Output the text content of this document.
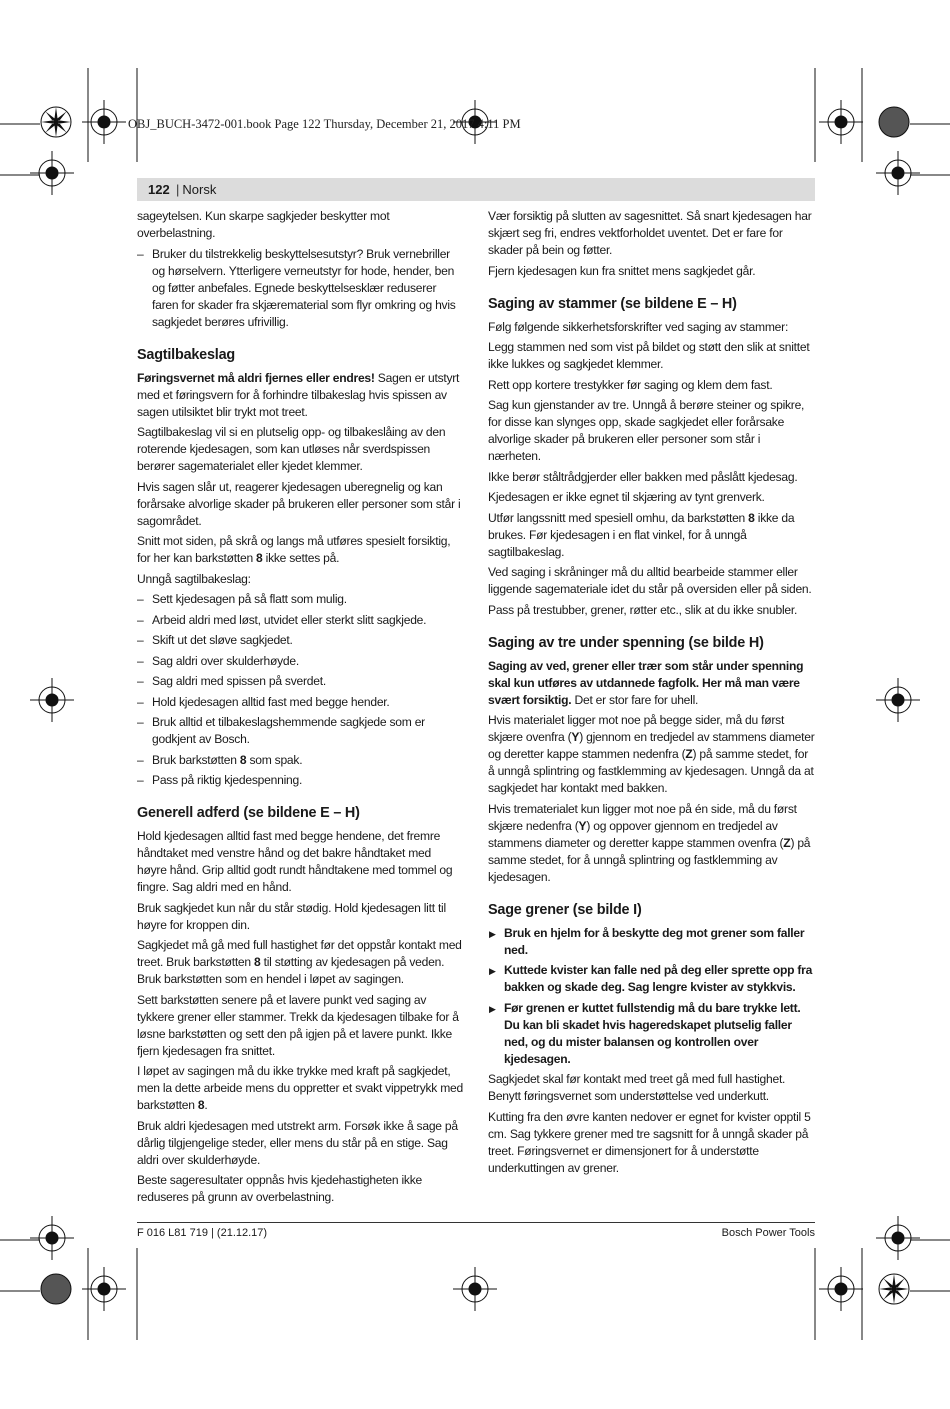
OBJ_BUCH-3472-001.book Page 122 Thursday, December 21, 2017 4:11 PM
122
| Norsk

sageytelsen. Kun skarpe sagkjeder beskytter mot overbelastning.

– Bruker du tilstrekkelig beskyttelsesutstyr? Bruk vernebriller og hørselvern. Ytterligere verneutstyr for hode, hender, ben og føtter anbefales. Egnede beskyttelsesklær reduserer faren for skader fra skjærematerial som flyr omkring og hvis sagkjedet berøres ufrivillig.
Sagtilbakeslag

Føringsvernet må aldri fjernes eller endres! Sagen er utstyrt med et føringsvern for å forhindre tilbakeslag hvis spissen av sagen utilsiktet blir trykt mot treet.

Sagtilbakeslag vil si en plutselig opp- og tilbakeslåing av den roterende kjedesagen, som kan utløses når sverdspissen berører sagematerialet eller kjedet klemmer.

Hvis sagen slår ut, reagerer kjedesagen uberegnelig og kan forårsake alvorlige skader på brukeren eller personer som står i sagområdet.

Snitt mot siden, på skrå og langs må utføres spesielt forsiktig, for her kan barkstøtten 8 ikke settes på.

Unngå sagtilbakeslag:

– Sett kjedesagen på så flatt som mulig.
– Arbeid aldri med løst, utvidet eller sterkt slitt sagkjede.
– Skift ut det sløve sagkjedet.
– Sag aldri over skulderhøyde.
– Sag aldri med spissen på sverdet.
– Hold kjedesagen alltid fast med begge hender.
– Bruk alltid et tilbakeslagshemmende sagkjede som er godkjent av Bosch.
– Bruk barkstøtten 8 som spak.
– Pass på riktig kjedespenning.
Generell adferd (se bildene E – H)

Hold kjedesagen alltid fast med begge hendene, det fremre håndtaket med venstre hånd og det bakre håndtaket med høyre hånd. Grip alltid godt rundt håndtakene med tommel og fingre. Sag aldri med en hånd.

Bruk sagkjedet kun når du står stødig. Hold kjedesagen litt til høyre for kroppen din.

Sagkjedet må gå med full hastighet før det oppstår kontakt med treet. Bruk barkstøtten 8 til støtting av kjedesagen på veden. Bruk barkstøtten som en hendel i løpet av sagingen.

Sett barkstøtten senere på et lavere punkt ved saging av tykkere grener eller stammer. Trekk da kjedesagen tilbake for å løsne barkstøtten og sett den på igjen på et lavere punkt. Ikke fjern kjedesagen fra snittet.

I løpet av sagingen må du ikke trykke med kraft på sagkjedet, men la dette arbeide mens du oppretter et svakt vippetrykk med barkstøtten 8.

Bruk aldri kjedesagen med utstrekt arm. Forsøk ikke å sage på dårlig tilgjengelige steder, eller mens du står på en stige. Sag aldri over skulderhøyde.

Beste sageresultater oppnås hvis kjedehastigheten ikke reduseres på grunn av overbelastning.

Vær forsiktig på slutten av sagesnittet. Så snart kjedesagen har skjært seg fri, endres vektforholdet uventet. Det er fare for skader på bein og føtter.

Fjern kjedesagen kun fra snittet mens sagkjedet går.

Saging av stammer (se bildene E – H)

Følg følgende sikkerhetsforskrifter ved saging av stammer:

Legg stammen ned som vist på bildet og støtt den slik at snittet ikke lukkes og sagkjedet klemmer.

Rett opp kortere trestykker før saging og klem dem fast.

Sag kun gjenstander av tre. Unngå å berøre steiner og spikre, for disse kan slynges opp, skade sagkjedet eller forårsake alvorlige skader på brukeren eller personer som står i nærheten.

Ikke berør ståltrådgjerder eller bakken med påslått kjedesag.

Kjedesagen er ikke egnet til skjæring av tynt grenverk.

Utfør langssnitt med spesiell omhu, da barkstøtten 8 ikke da brukes. Før kjedesagen i en flat vinkel, for å unngå sagtilbakeslag.

Ved saging i skråninger må du alltid bearbeide stammer eller liggende sagemateriale idet du står på oversiden eller på siden.

Pass på trestubber, grener, røtter etc., slik at du ikke snubler.

Saging av tre under spenning (se bilde H)

Saging av ved, grener eller trær som står under spenning skal kun utføres av utdannede fagfolk. Her må man være svært forsiktig. Det er stor fare for uhell.

Hvis materialet ligger mot noe på begge sider, må du først skjære ovenfra (Y) gjennom en tredjedel av stammens diameter og deretter kappe stammen nedenfra (Z) på samme stedet, for å unngå splintring og fastklemming av kjedesagen. Unngå da at sagkjedet har kontakt med bakken.

Hvis trematerialet kun ligger mot noe på én side, må du først skjære nedenfra (Y) og oppover gjennom en tredjedel av stammens diameter og deretter kappe stammen ovenfra (Z) på samme stedet, for å unngå splintring og fastklemming av kjedesagen.

Sage grener (se bilde I)
▶ Bruk en hjelm for å beskytte deg mot grener som faller ned.
▶ Kuttede kvister kan falle ned på deg eller sprette opp fra bakken og skade deg. Sag lengre kvister av stykkvis.
▶ Før grenen er kuttet fullstendig må du bare trykke lett. Du kan bli skadet hvis hageredskapet plutselig faller ned, og du mister balansen og kontrollen over kjedesagen.

Sagkjedet skal før kontakt med treet gå med full hastighet. Benytt føringsvernet som understøttelse ved underkutt.

Kutting fra den øvre kanten nedover er egnet for kvister opptil 5 cm. Sag tykkere grener med tre sagsnitt for å unngå skader på treet. Føringsvernet er dimensjonert for å understøtte underkuttingen av grener.

F 016 L81 719 | (21.12.17)	Bosch Power Tools
